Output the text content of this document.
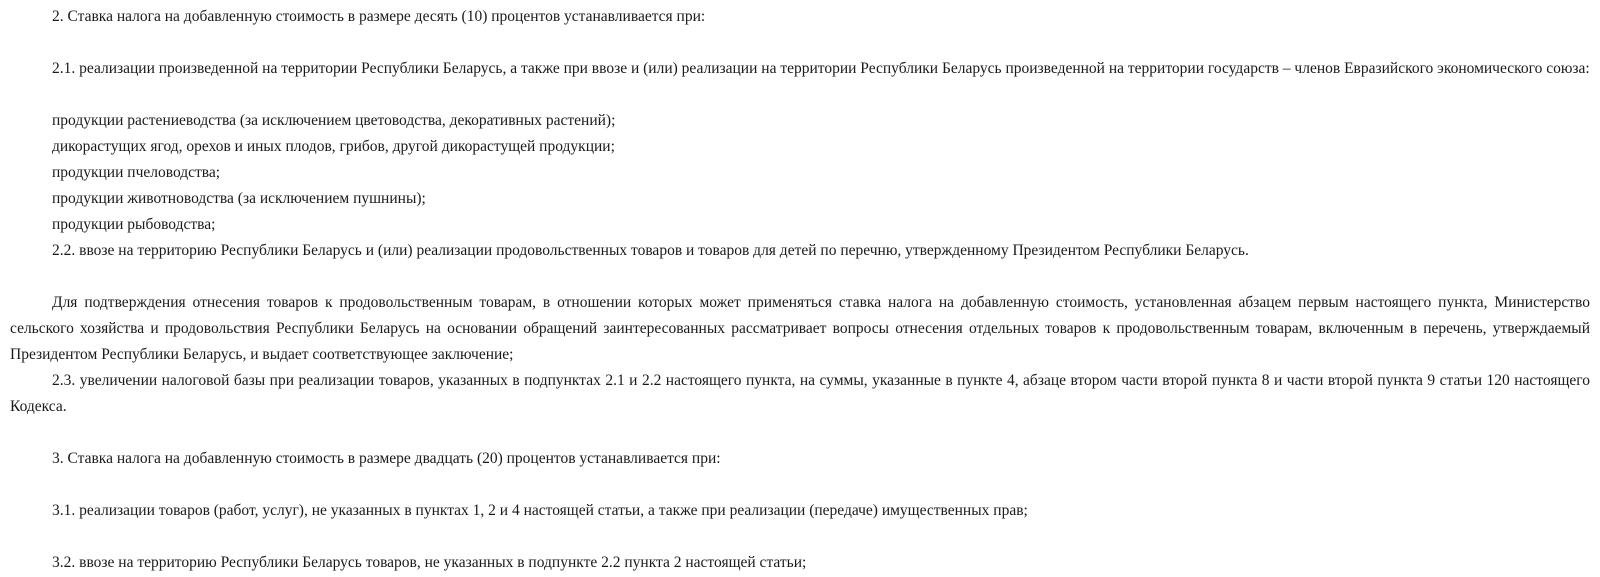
2. Ставка налога на добавленную стоимость в размере десять (10) процентов устанавливается при:

2.1. реализации произведенной на территории Республики Беларусь, а также при ввозе и (или) реализации на территории Республики Беларусь произведенной на территории государств – членов Евразийского экономического союза:

продукции растениеводства (за исключением цветоводства, декоративных растений);

дикорастущих ягод, орехов и иных плодов, грибов, другой дикорастущей продукции;

продукции пчеловодства;

продукции животноводства (за исключением пушнины);

продукции рыбоводства;

2.2. ввозе на территорию Республики Беларусь и (или) реализации продовольственных товаров и товаров для детей по перечню, утвержденному Президентом Республики Беларусь.

Для подтверждения отнесения товаров к продовольственным товарам, в отношении которых может применяться ставка налога на добавленную стоимость, установленная абзацем первым настоящего пункта, Министерство сельского хозяйства и продовольствия Республики Беларусь на основании обращений заинтересованных рассматривает вопросы отнесения отдельных товаров к продовольственным товарам, включенным в перечень, утверждаемый Президентом Республики Беларусь, и выдает соответствующее заключение;

2.3. увеличении налоговой базы при реализации товаров, указанных в подпунктах 2.1 и 2.2 настоящего пункта, на суммы, указанные в пункте 4, абзаце втором части второй пункта 8 и части второй пункта 9 статьи 120 настоящего Кодекса.

3. Ставка налога на добавленную стоимость в размере двадцать (20) процентов устанавливается при:

3.1. реализации товаров (работ, услуг), не указанных в пунктах 1, 2 и 4 настоящей статьи, а также при реализации (передаче) имущественных прав;

3.2. ввозе на территорию Республики Беларусь товаров, не указанных в подпункте 2.2 пункта 2 настоящей статьи;
